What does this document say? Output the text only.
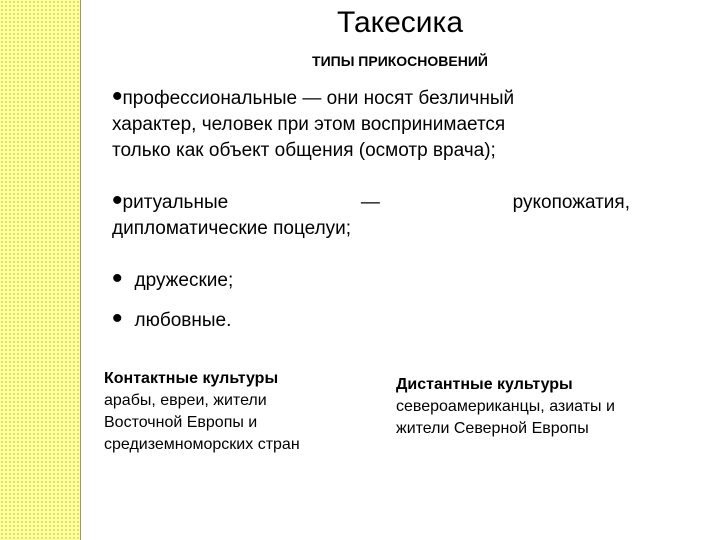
Такесика
ТИПЫ ПРИКОСНОВЕНИЙ
•профессиональные — они носят безличный
характер, человек при этом воспринимается
только как объект общения (осмотр врача);
•ритуальные	—	рукопожатия,
дипломатические поцелуи;
• дружеские;
• любовные.
Контактные культуры
арабы, евреи, жители
Восточной Европы и
средиземноморских стран
Дистантные культуры
североамериканцы, азиаты и
жители Северной Европы
